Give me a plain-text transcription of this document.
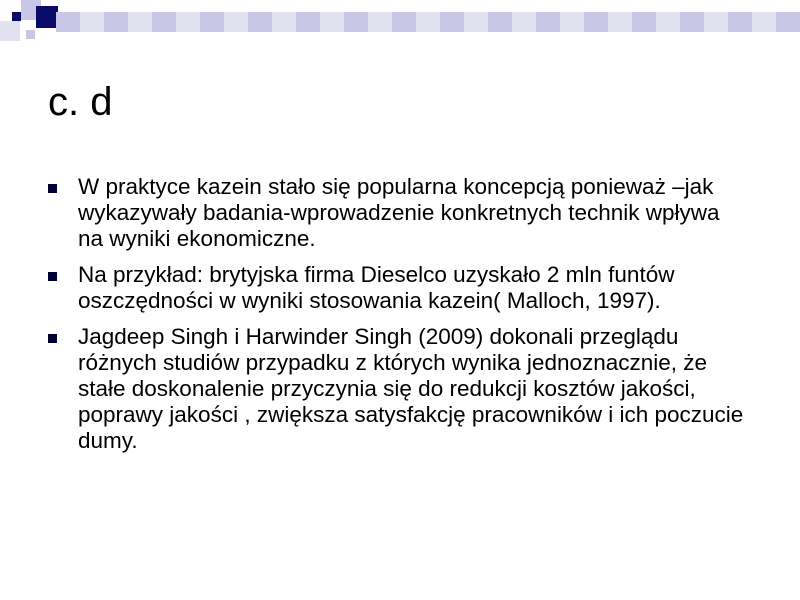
c. d
W praktyce kazein stało się popularna koncepcją ponieważ –jak wykazywały badania-wprowadzenie konkretnych technik wpływa na wyniki ekonomiczne.
Na przykład: brytyjska firma Dieselco uzyskało 2 mln funtów oszczędności w wyniki stosowania kazein( Malloch, 1997).
Jagdeep Singh i Harwinder Singh (2009) dokonali przeglądu różnych studiów przypadku z których wynika jednoznacznie, że stałe doskonalenie przyczynia się do redukcji kosztów jakości, poprawy jakości , zwiększa satysfakcję pracowników i ich poczucie dumy.
